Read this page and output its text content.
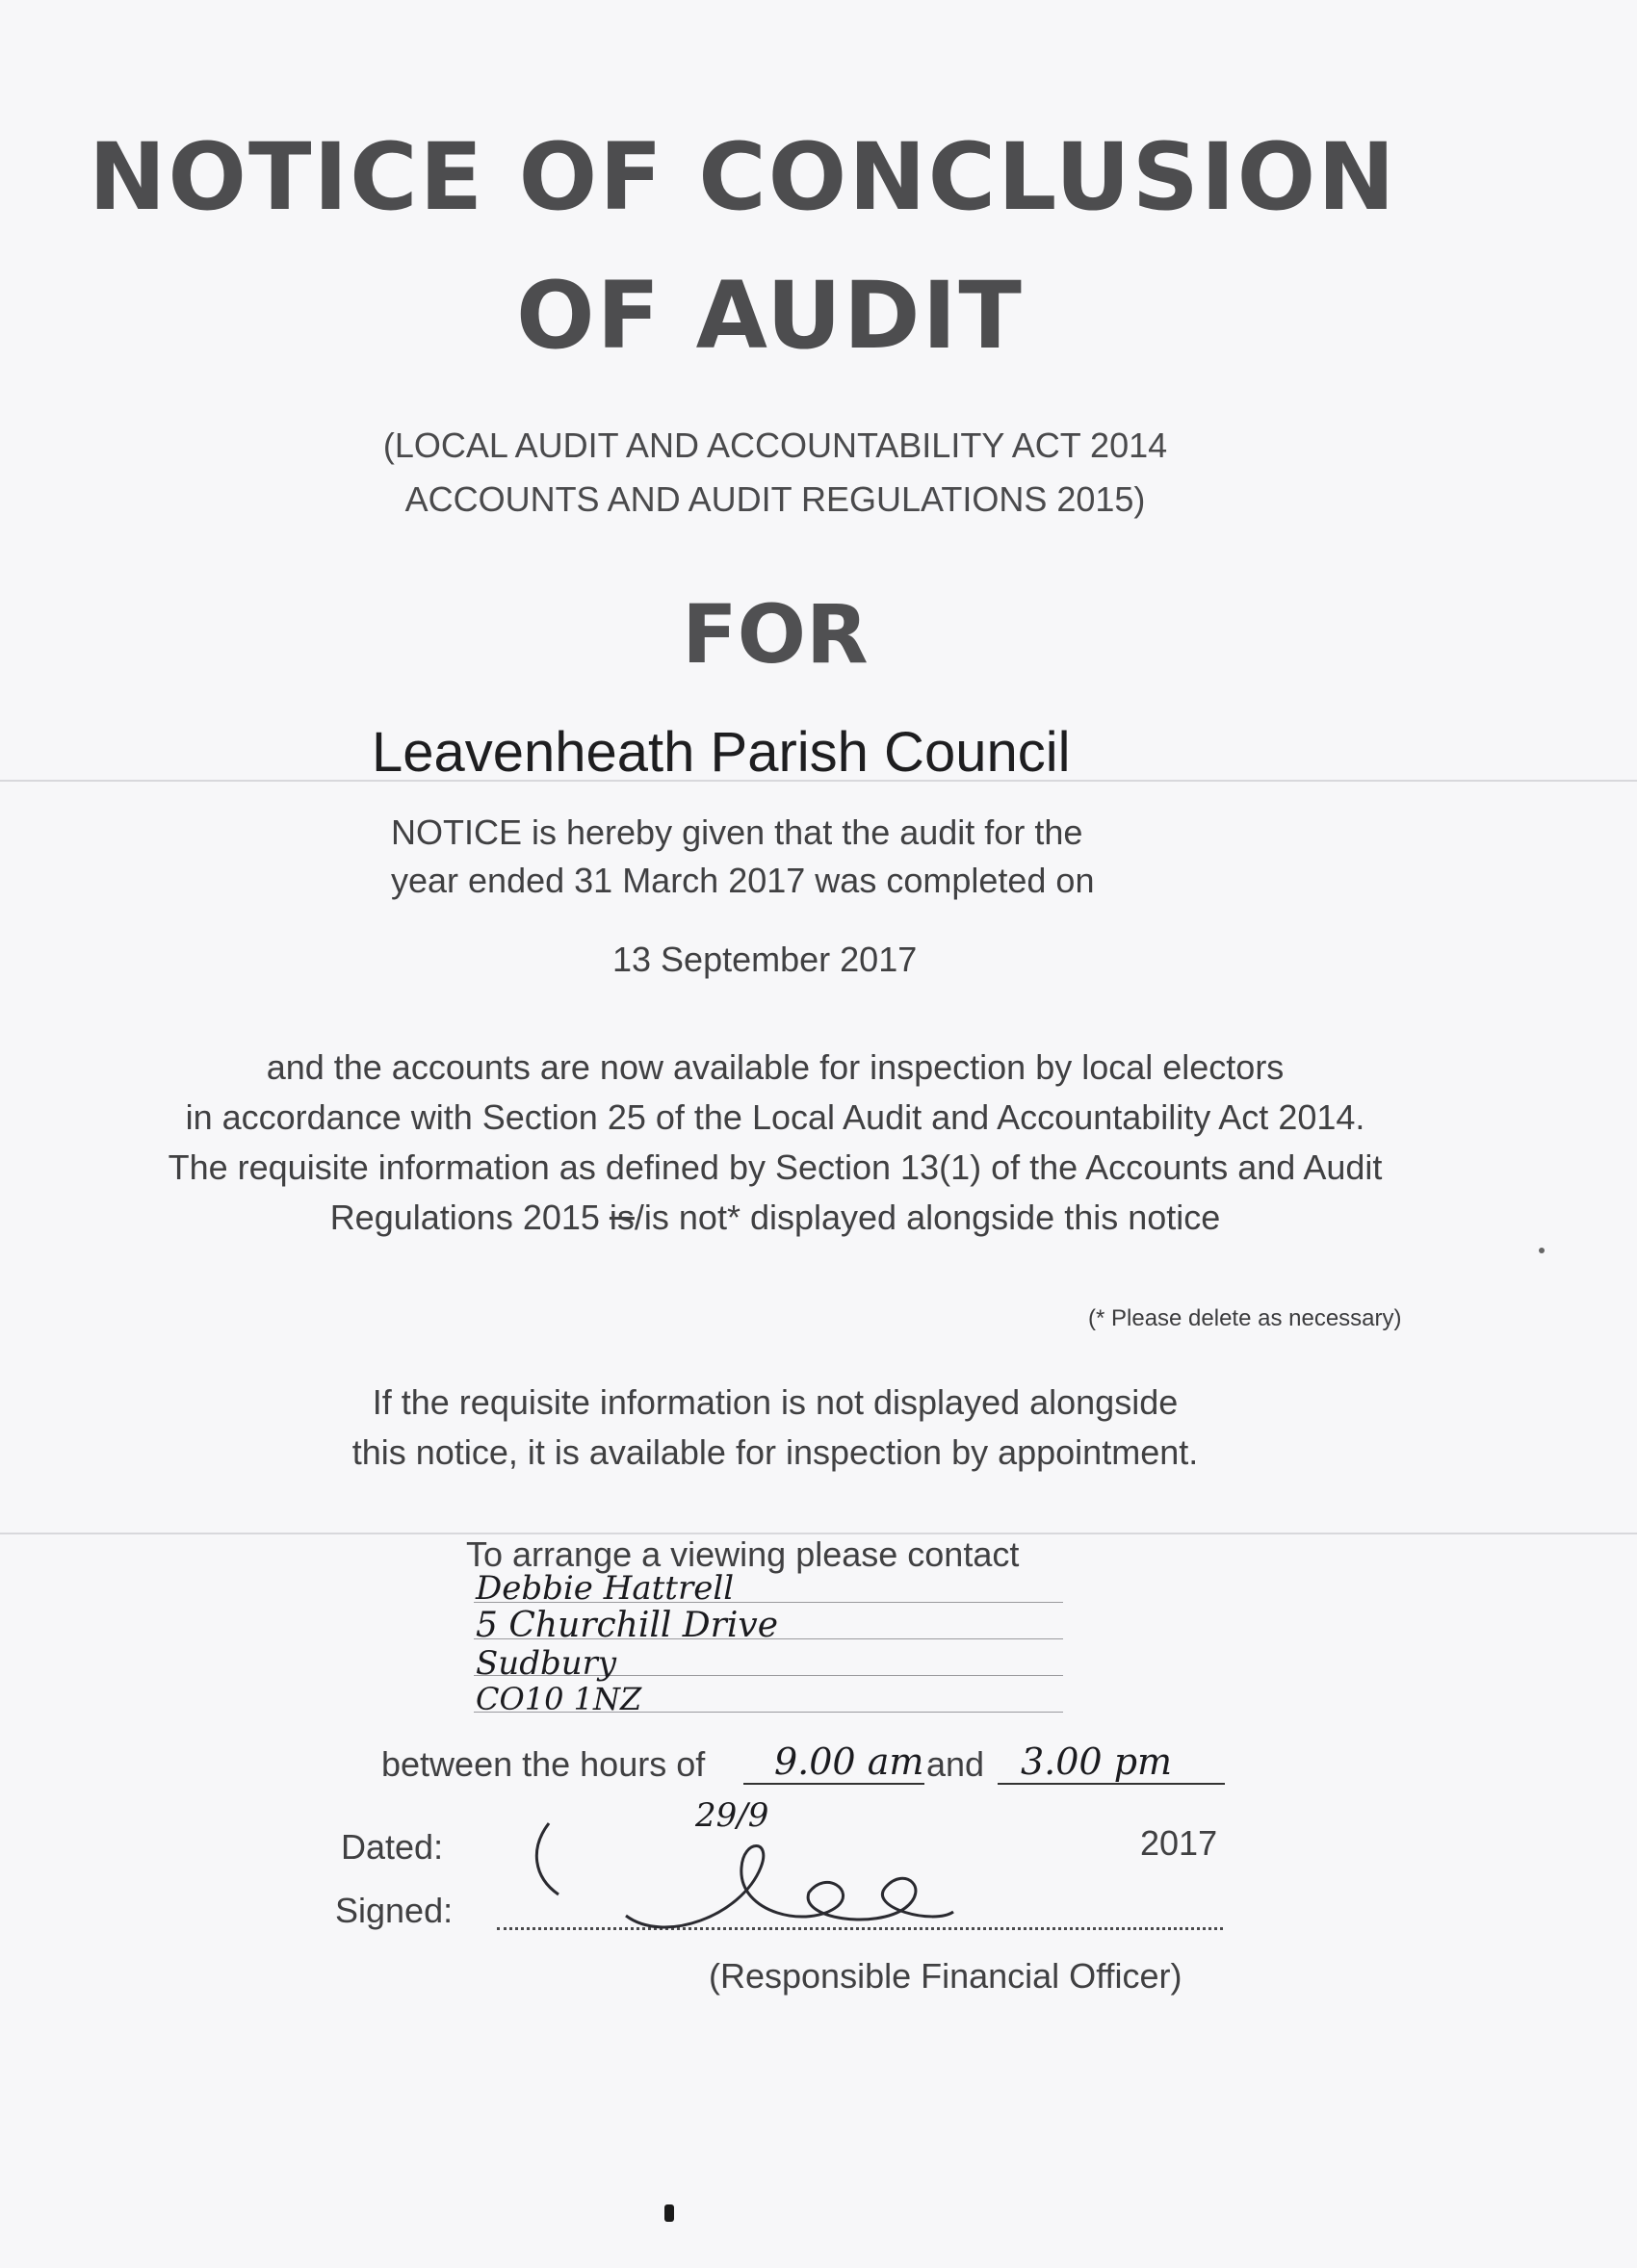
NOTICE OF CONCLUSION
OF AUDIT
(LOCAL AUDIT AND ACCOUNTABILITY ACT 2014
ACCOUNTS AND AUDIT REGULATIONS 2015)
FOR
Leavenheath Parish Council
NOTICE is hereby given that the audit for the
year ended 31 March 2017 was completed on
13 September 2017
and the accounts are now available for inspection by local electors
in accordance with Section 25 of the Local Audit and Accountability Act 2014.
The requisite information as defined by Section 13(1) of the Accounts and Audit
Regulations 2015 is/is not* displayed alongside this notice
(* Please delete as necessary)
If the requisite information is not displayed alongside
this notice, it is available for inspection by appointment.
To arrange a viewing please contact
Debbie Hattrell
5 Churchill Drive
Sudbury
CO10 1NZ
between the hours of 9.00 am and 3.00 pm
Dated:
29/9
2017
Signed:
(Responsible Financial Officer)
